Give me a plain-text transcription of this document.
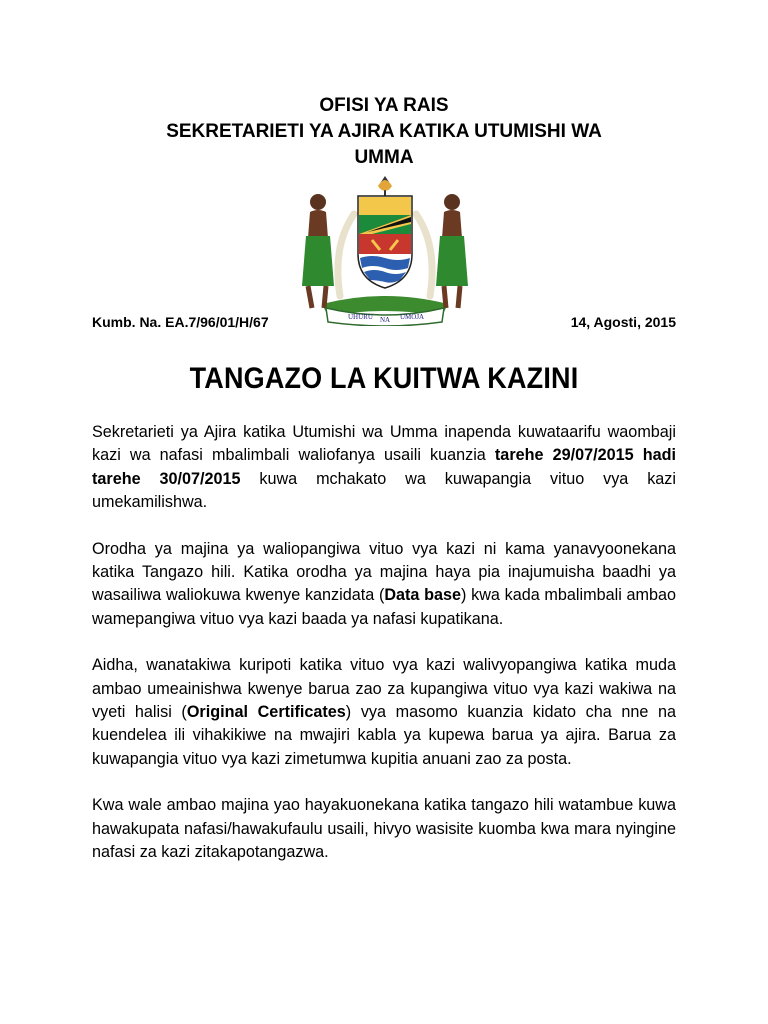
OFISI YA RAIS
SEKRETARIETI YA AJIRA KATIKA UTUMISHI WA
UMMA
UHURU NA UMOJA
Kumb. Na. EA.7/96/01/H/67	14, Agosti, 2015
TANGAZO LA KUITWA KAZINI

Sekretarieti ya Ajira katika Utumishi wa Umma inapenda kuwataarifu waombaji kazi wa nafasi mbalimbali waliofanya usaili kuanzia tarehe 29/07/2015 hadi tarehe 30/07/2015 kuwa mchakato wa kuwapangia vituo vya kazi umekamilishwa.

Orodha ya majina ya waliopangiwa vituo vya kazi ni kama yanavyoonekana katika Tangazo hili. Katika orodha ya majina haya pia inajumuisha baadhi ya wasailiwa waliokuwa kwenye kanzidata (Data base) kwa kada mbalimbali ambao wamepangiwa vituo vya kazi baada ya nafasi kupatikana.

Aidha, wanatakiwa kuripoti katika vituo vya kazi walivyopangiwa katika muda ambao umeainishwa kwenye barua zao za kupangiwa vituo vya kazi wakiwa na vyeti halisi (Original Certificates) vya masomo kuanzia kidato cha nne na kuendelea ili vihakikiwe na mwajiri kabla ya kupewa barua ya ajira. Barua za kuwapangia vituo vya kazi zimetumwa kupitia anuani zao za posta.

Kwa wale ambao majina yao hayakuonekana katika tangazo hili watambue kuwa hawakupata nafasi/hawakufaulu usaili, hivyo wasisite kuomba kwa mara nyingine nafasi za kazi zitakapotangazwa.
